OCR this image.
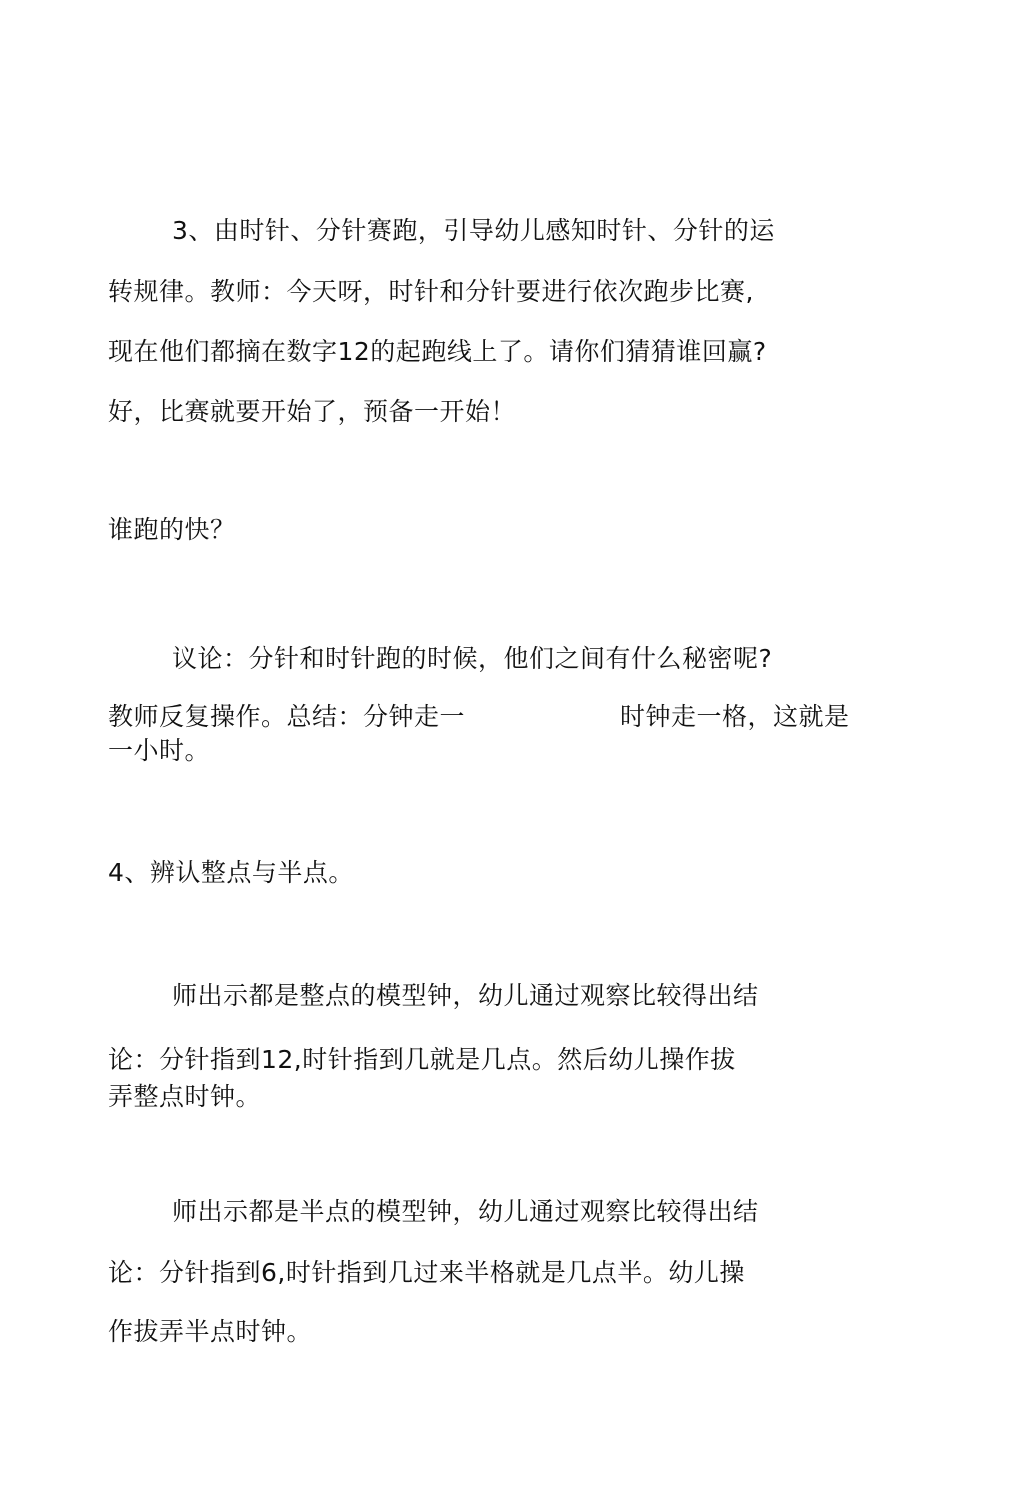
3、由时针、分针赛跑，引导幼儿感知时针、分针的运
转规律。教师：今天呀，时针和分针要进行依次跑步比赛,
现在他们都摘在数字12的起跑线上了。请你们猜猜谁回赢?
好，比赛就要开始了，预备一开始！
谁跑的快？
议论：分针和时针跑的时候，他们之间有什么秘密呢?
教师反复操作。总结：分钟走一	时钟走一格，这就是
一小时。
4、辨认整点与半点。
师出示都是整点的模型钟，幼儿通过观察比较得出结
论：分针指到12,时针指到几就是几点。然后幼儿操作拔
弄整点时钟。
师出示都是半点的模型钟，幼儿通过观察比较得出结
论：分针指到6,时针指到几过来半格就是几点半。幼儿操
作拔弄半点时钟。
